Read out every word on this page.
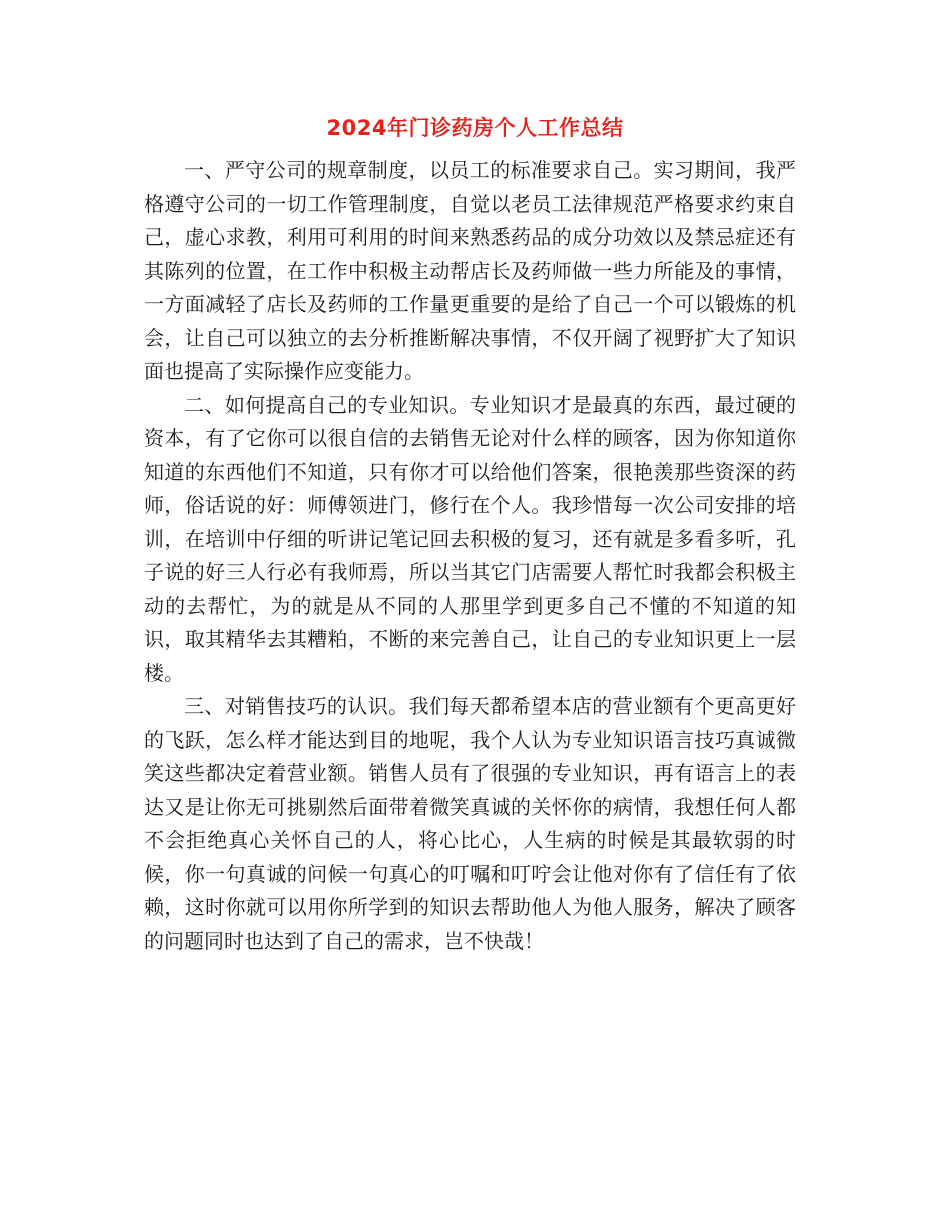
2024年门诊药房个人工作总结

一、严守公司的规章制度，以员工的标准要求自己。实习期间，我严格遵守公司的一切工作管理制度，自觉以老员工法律规范严格要求约束自己，虚心求教，利用可利用的时间来熟悉药品的成分功效以及禁忌症还有其陈列的位置，在工作中积极主动帮店长及药师做一些力所能及的事情，一方面减轻了店长及药师的工作量更重要的是给了自己一个可以锻炼的机会，让自己可以独立的去分析推断解决事情，不仅开阔了视野扩大了知识面也提高了实际操作应变能力。

二、如何提高自己的专业知识。专业知识才是最真的东西，最过硬的资本，有了它你可以很自信的去销售无论对什么样的顾客，因为你知道你知道的东西他们不知道，只有你才可以给他们答案，很艳羡那些资深的药师，俗话说的好：师傅领进门，修行在个人。我珍惜每一次公司安排的培训，在培训中仔细的听讲记笔记回去积极的复习，还有就是多看多听，孔子说的好三人行必有我师焉，所以当其它门店需要人帮忙时我都会积极主动的去帮忙，为的就是从不同的人那里学到更多自己不懂的不知道的知识，取其精华去其糟粕，不断的来完善自己，让自己的专业知识更上一层楼。

三、对销售技巧的认识。我们每天都希望本店的营业额有个更高更好的飞跃，怎么样才能达到目的地呢，我个人认为专业知识语言技巧真诚微笑这些都决定着营业额。销售人员有了很强的专业知识，再有语言上的表达又是让你无可挑剔然后面带着微笑真诚的关怀你的病情，我想任何人都不会拒绝真心关怀自己的人，将心比心，人生病的时候是其最软弱的时候，你一句真诚的问候一句真心的叮嘱和叮咛会让他对你有了信任有了依赖，这时你就可以用你所学到的知识去帮助他人为他人服务，解决了顾客的问题同时也达到了自己的需求，岂不快哉！
